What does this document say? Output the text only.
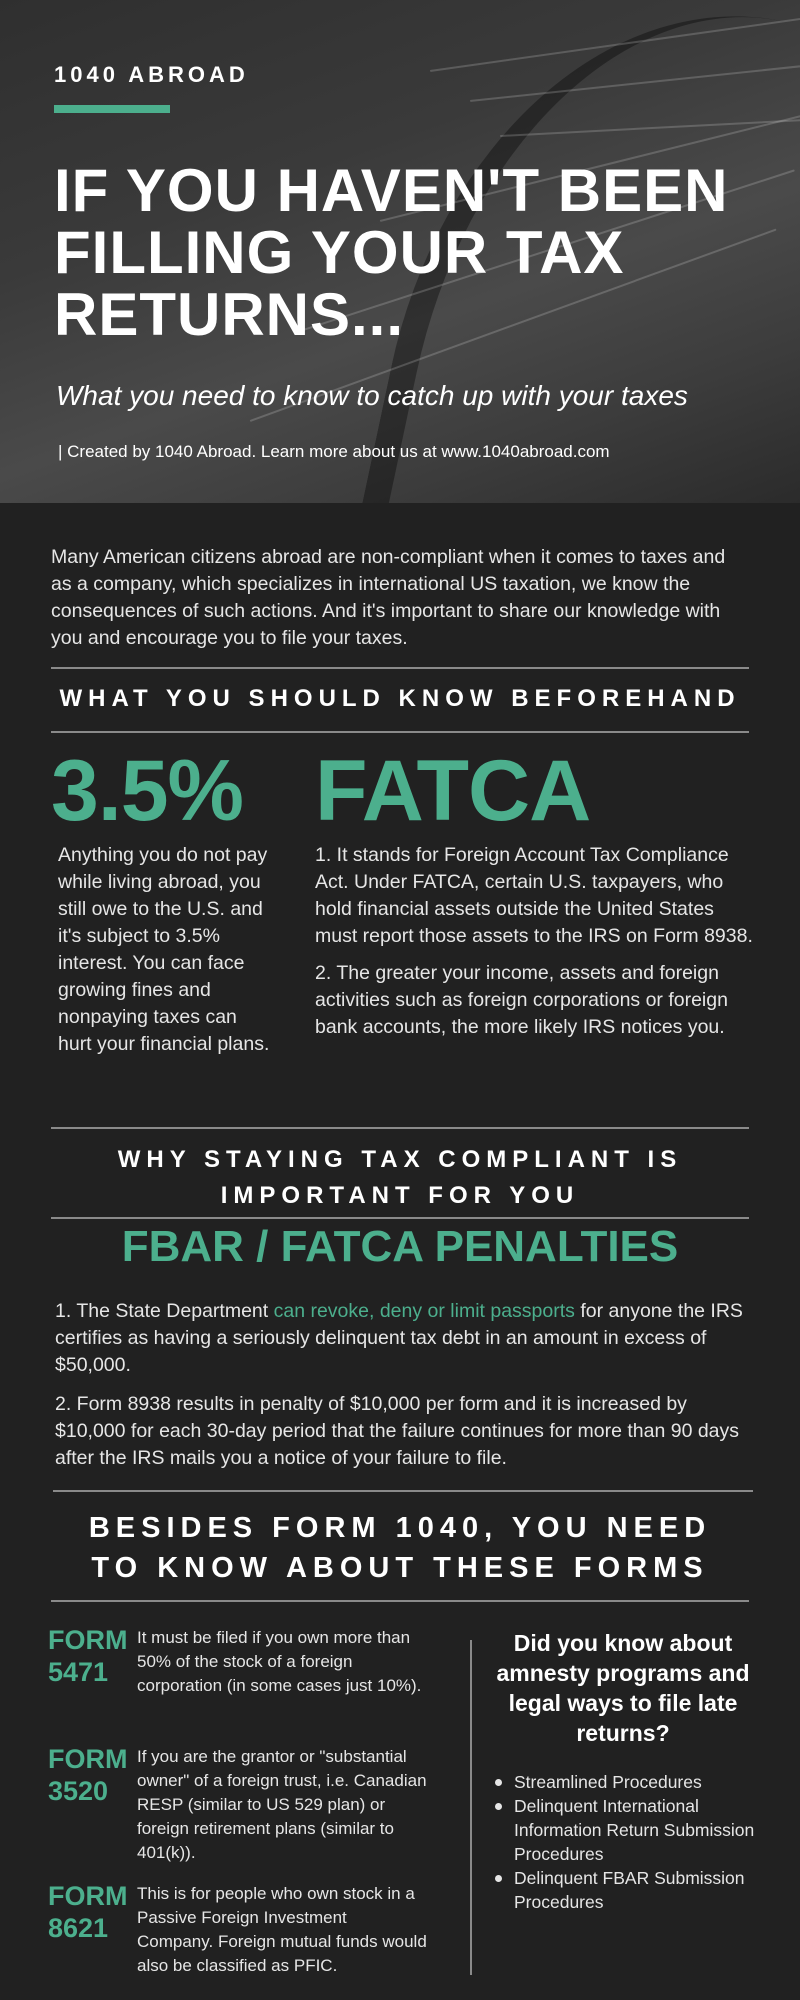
1040 ABROAD
IF YOU HAVEN'T BEEN FILLING YOUR TAX RETURNS...
What you need to know to catch up with your taxes
| Created by 1040 Abroad. Learn more about us at www.1040abroad.com

Many American citizens abroad are non-compliant when it comes to taxes and as a company, which specializes in international US taxation, we know the consequences of such actions. And it's important to share our knowledge with you and encourage you to file your taxes.

WHAT YOU SHOULD KNOW BEFOREHAND
3.5%

Anything you do not pay while living abroad, you still owe to the U.S. and it's subject to 3.5% interest. You can face growing fines and nonpaying taxes can hurt your financial plans.

FATCA

1. It stands for Foreign Account Tax Compliance Act. Under FATCA, certain U.S. taxpayers, who hold financial assets outside the United States must report those assets to the IRS on Form 8938.

2. The greater your income, assets and foreign activities such as foreign corporations or foreign bank accounts, the more likely IRS notices you.

WHY STAYING TAX COMPLIANT IS
IMPORTANT FOR YOU
FBAR / FATCA PENALTIES

1. The State Department can revoke, deny or limit passports for anyone the IRS certifies as having a seriously delinquent tax debt in an amount in excess of $50,000.

2. Form 8938 results in penalty of $10,000 per form and it is increased by $10,000 for each 30-day period that the failure continues for more than 90 days after the IRS mails you a notice of your failure to file.

BESIDES FORM 1040, YOU NEED
TO KNOW ABOUT THESE FORMS
FORM
5471

It must be filed if you own more than 50% of the stock of a foreign corporation (in some cases just 10%).

FORM
3520

If you are the grantor or "substantial owner" of a foreign trust, i.e. Canadian RESP (similar to US 529 plan) or foreign retirement plans (similar to 401(k)).

FORM
8621

This is for people who own stock in a Passive Foreign Investment Company. Foreign mutual funds would also be classified as PFIC.

Did you know about amnesty programs and legal ways to file late returns?
Streamlined Procedures
Delinquent International Information Return Submission Procedures
Delinquent FBAR Submission Procedures
